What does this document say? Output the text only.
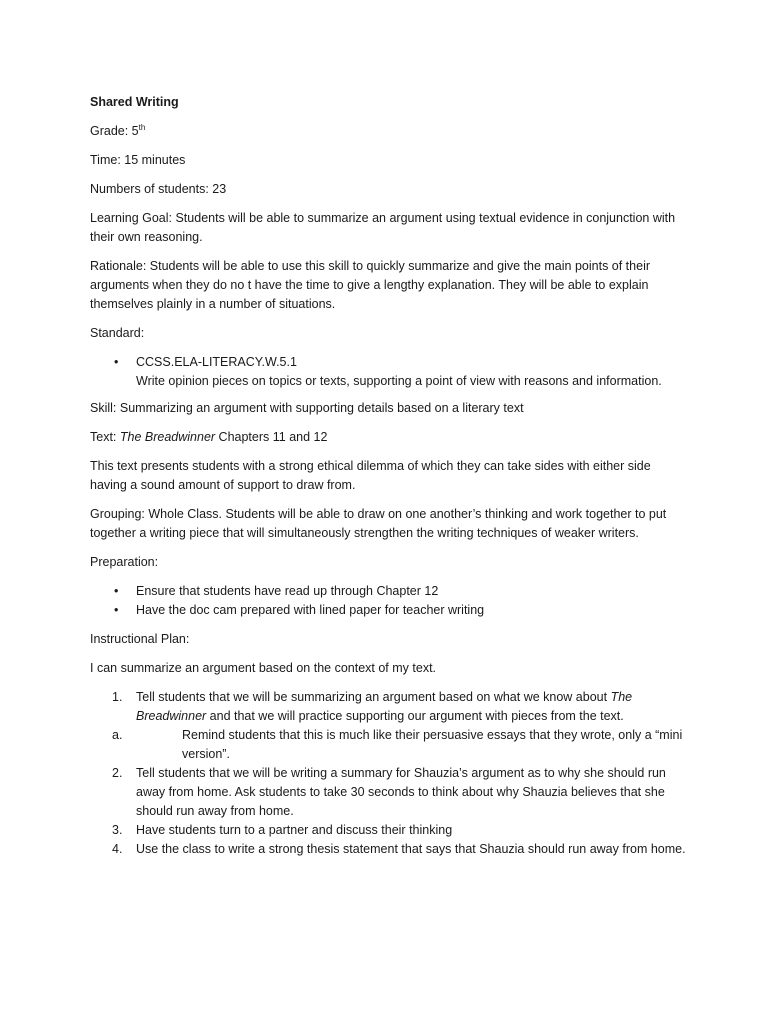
Shared Writing
Grade: 5th
Time: 15 minutes
Numbers of students: 23
Learning Goal: Students will be able to summarize an argument using textual evidence in conjunction with their own reasoning.
Rationale: Students will be able to use this skill to quickly summarize and give the main points of their arguments when they do no t have the time to give a lengthy explanation. They will be able to explain themselves plainly in a number of situations.
Standard:
• CCSS.ELA-LITERACY.W.5.1
Write opinion pieces on topics or texts, supporting a point of view with reasons and information.
Skill: Summarizing an argument with supporting details based on a literary text
Text: The Breadwinner Chapters 11 and 12
This text presents students with a strong ethical dilemma of which they can take sides with either side having a sound amount of support to draw from.
Grouping: Whole Class. Students will be able to draw on one another’s thinking and work together to put together a writing piece that will simultaneously strengthen the writing techniques of weaker writers.
Preparation:
• Ensure that students have read up through Chapter 12
• Have the doc cam prepared with lined paper for teacher writing
Instructional Plan:
I can summarize an argument based on the context of my text.
1. Tell students that we will be summarizing an argument based on what we know about The Breadwinner and that we will practice supporting our argument with pieces from the text.
a.	Remind students that this is much like their persuasive essays that they wrote, only a “mini version”.
2. Tell students that we will be writing a summary for Shauzia’s argument as to why she should run away from home. Ask students to take 30 seconds to think about why Shauzia believes that she should run away from home.
3. Have students turn to a partner and discuss their thinking
4. Use the class to write a strong thesis statement that says that Shauzia should run away from home.
